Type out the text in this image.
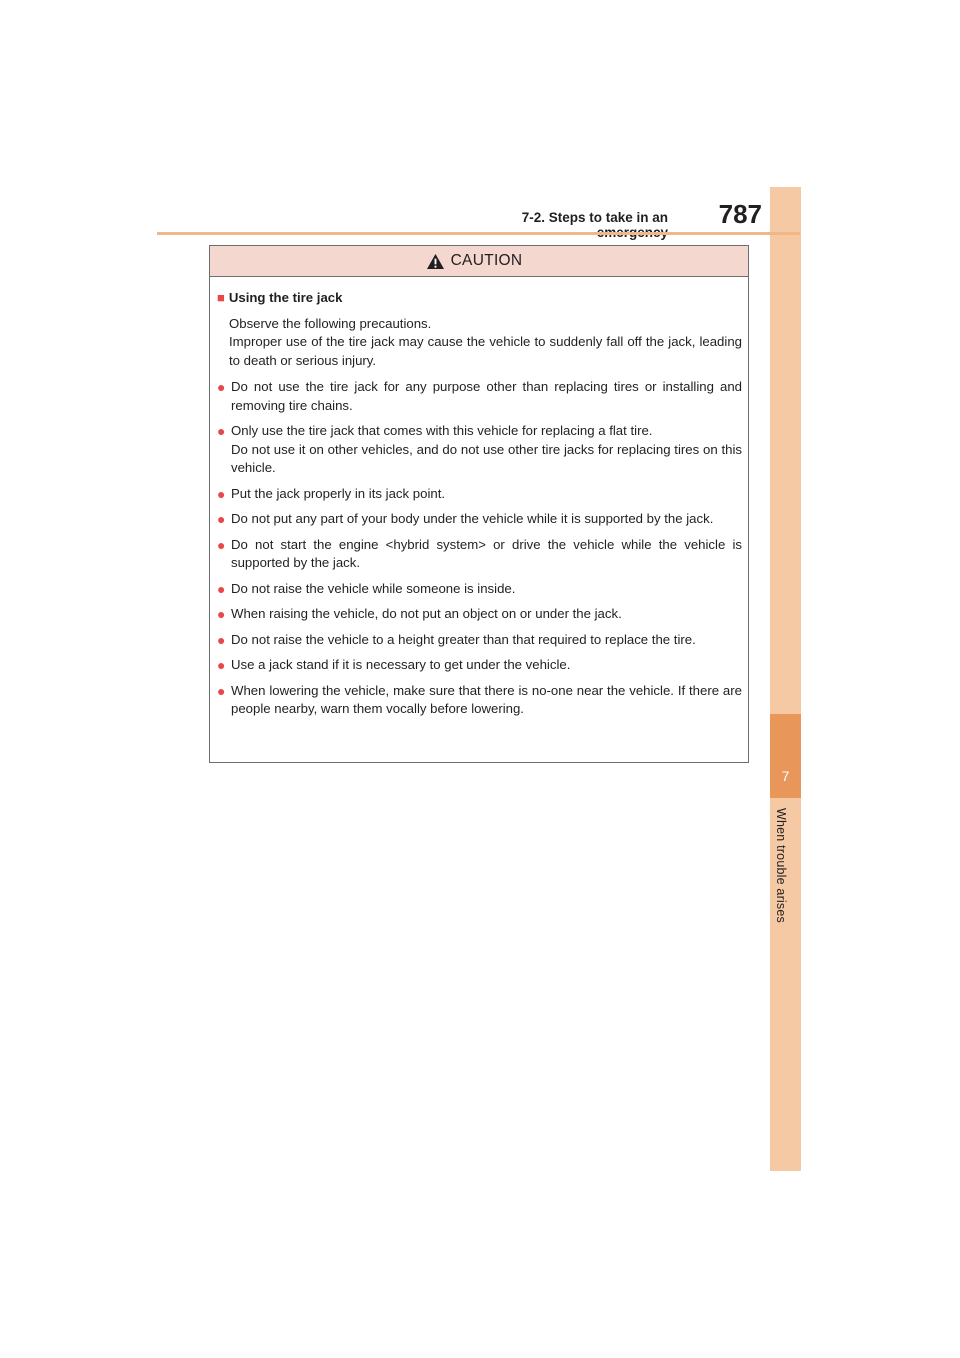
7
When trouble arises
7-2. Steps to take in an	787
CAUTION
■ Using the tire jack
Observe the following precautions.
Improper use of the tire jack may cause the vehicle to suddenly fall off the jack, leading to death or serious injury.
● Do not use the tire jack for any purpose other than replacing tires or installing and removing tire chains.
● Only use the tire jack that comes with this vehicle for replacing a flat tire.
Do not use it on other vehicles, and do not use other tire jacks for replacing tires on this vehicle.
● Put the jack properly in its jack point.
● Do not put any part of your body under the vehicle while it is supported by the jack.
● Do not start the engine <hybrid system> or drive the vehicle while the vehicle is supported by the jack.
● Do not raise the vehicle while someone is inside.
● When raising the vehicle, do not put an object on or under the jack.
● Do not raise the vehicle to a height greater than that required to replace the tire.
● Use a jack stand if it is necessary to get under the vehicle.
● When lowering the vehicle, make sure that there is no-one near the vehicle. If there are people nearby, warn them vocally before lowering.
